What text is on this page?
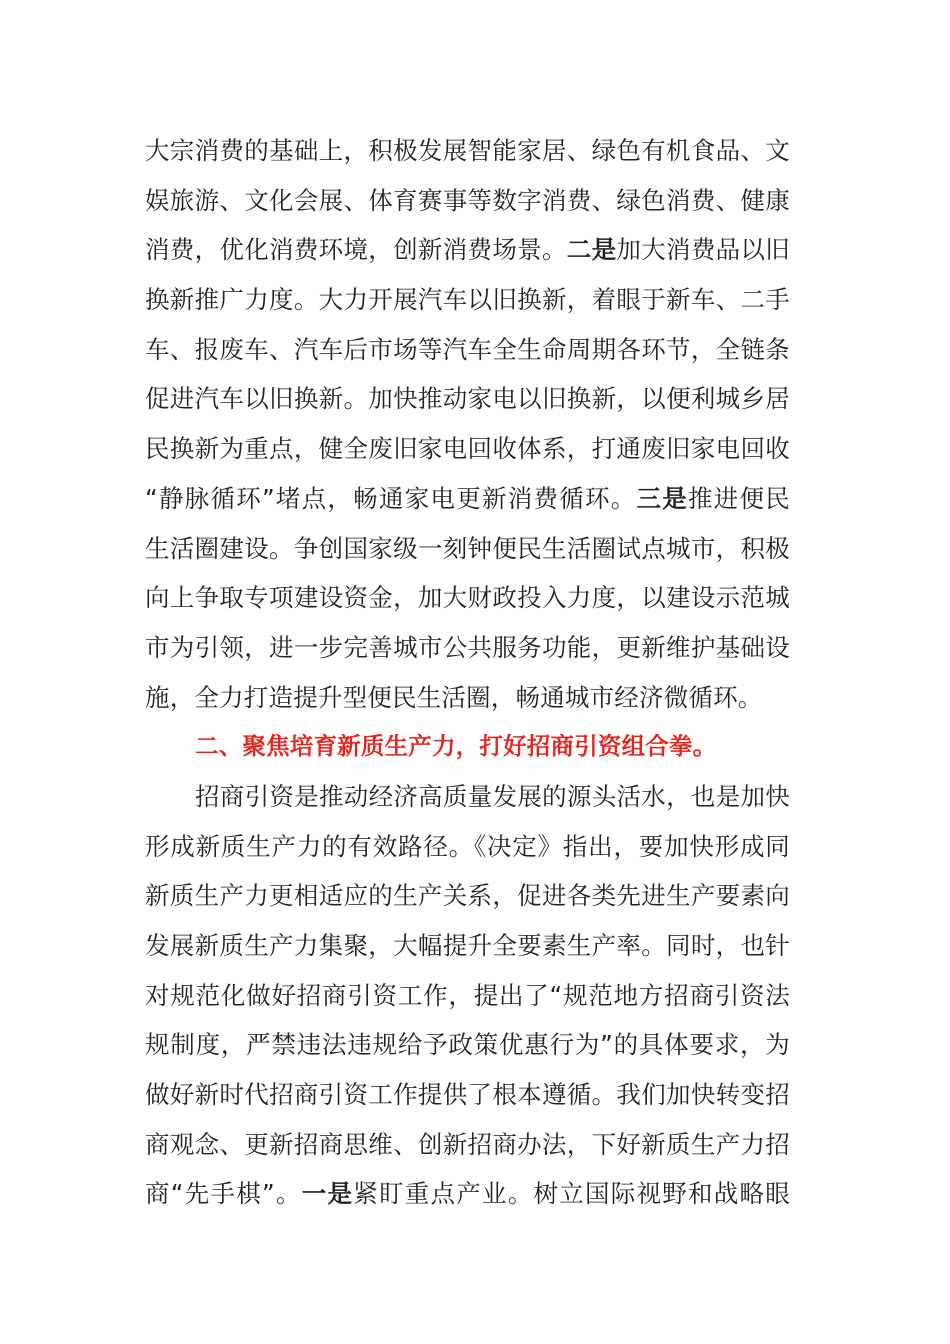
大宗消费的基础上，积极发展智能家居、绿色有机食品、文
娱旅游、文化会展、体育赛事等数字消费、绿色消费、健康
消费，优化消费环境，创新消费场景。二是加大消费品以旧
换新推广力度。大力开展汽车以旧换新，着眼于新车、二手
车、报废车、汽车后市场等汽车全生命周期各环节，全链条
促进汽车以旧换新。加快推动家电以旧换新，以便利城乡居
民换新为重点，健全废旧家电回收体系，打通废旧家电回收
“静脉循环”堵点，畅通家电更新消费循环。三是推进便民
生活圈建设。争创国家级一刻钟便民生活圈试点城市，积极
向上争取专项建设资金，加大财政投入力度，以建设示范城
市为引领，进一步完善城市公共服务功能，更新维护基础设
施，全力打造提升型便民生活圈，畅通城市经济微循环。
二、聚焦培育新质生产力，打好招商引资组合拳。
招商引资是推动经济高质量发展的源头活水，也是加快
形成新质生产力的有效路径。《决定》指出，要加快形成同
新质生产力更相适应的生产关系，促进各类先进生产要素向
发展新质生产力集聚，大幅提升全要素生产率。同时，也针
对规范化做好招商引资工作，提出了“规范地方招商引资法
规制度，严禁违法违规给予政策优惠行为”的具体要求，为
做好新时代招商引资工作提供了根本遵循。我们加快转变招
商观念、更新招商思维、创新招商办法，下好新质生产力招
商“先手棋”。一是紧盯重点产业。树立国际视野和战略眼
